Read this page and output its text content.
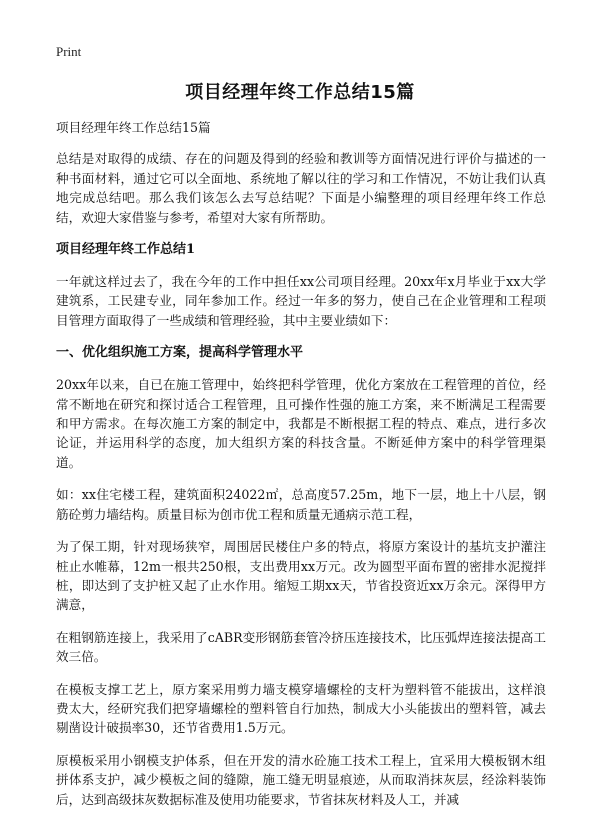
Print
项目经理年终工作总结15篇

项目经理年终工作总结15篇

总结是对取得的成绩、存在的问题及得到的经验和教训等方面情况进行评价与描述的一种书面材料，通过它可以全面地、系统地了解以往的学习和工作情况，不妨让我们认真地完成总结吧。那么我们该怎么去写总结呢？下面是小编整理的项目经理年终工作总结，欢迎大家借鉴与参考，希望对大家有所帮助。

项目经理年终工作总结1

一年就这样过去了，我在今年的工作中担任xx公司项目经理。20xx年x月毕业于xx大学建筑系，工民建专业，同年参加工作。经过一年多的努力，使自己在企业管理和工程项目管理方面取得了一些成绩和管理经验，其中主要业绩如下：

一、优化组织施工方案，提高科学管理水平

20xx年以来，自已在施工管理中，始终把科学管理，优化方案放在工程管理的首位，经常不断地在研究和探讨适合工程管理，且可操作性强的施工方案，来不断满足工程需要和甲方需求。在每次施工方案的制定中，我都是不断根据工程的特点、难点，进行多次论证，并运用科学的态度，加大组织方案的科技含量。不断延伸方案中的科学管理渠道。

如：xx住宅楼工程，建筑面积24022㎡，总高度57.25m，地下一层，地上十八层，钢筋砼剪力墙结构。质量目标为创市优工程和质量无通病示范工程，

为了保工期，针对现场狭窄，周围居民楼住户多的特点，将原方案设计的基坑支护灌注桩止水帷幕，12m一根共250根，支出费用xx万元。改为圆型平面布置的密排水泥搅拌桩，即达到了支护桩又起了止水作用。缩短工期xx天，节省投资近xx万余元。深得甲方满意，

在粗钢筋连接上，我采用了cABR变形钢筋套管冷挤压连接技术，比压弧焊连接法提高工效三倍。

在模板支撑工艺上，原方案采用剪力墙支模穿墙螺栓的支杆为塑料管不能拔出，这样浪费太大，经研究我们把穿墙螺栓的塑料管自行加热，制成大小头能拔出的塑料管，减去剔凿设计破损率30，还节省费用1.5万元。

原模板采用小钢模支护体系，但在开发的清水砼施工技术工程上，宜采用大模板钢木组拼体系支护，减少模板之间的缝隙，施工缝无明显痕迹，从而取消抹灰层，经涂料装饰后，达到高级抹灰数据标准及使用功能要求，节省抹灰材料及人工，并减
